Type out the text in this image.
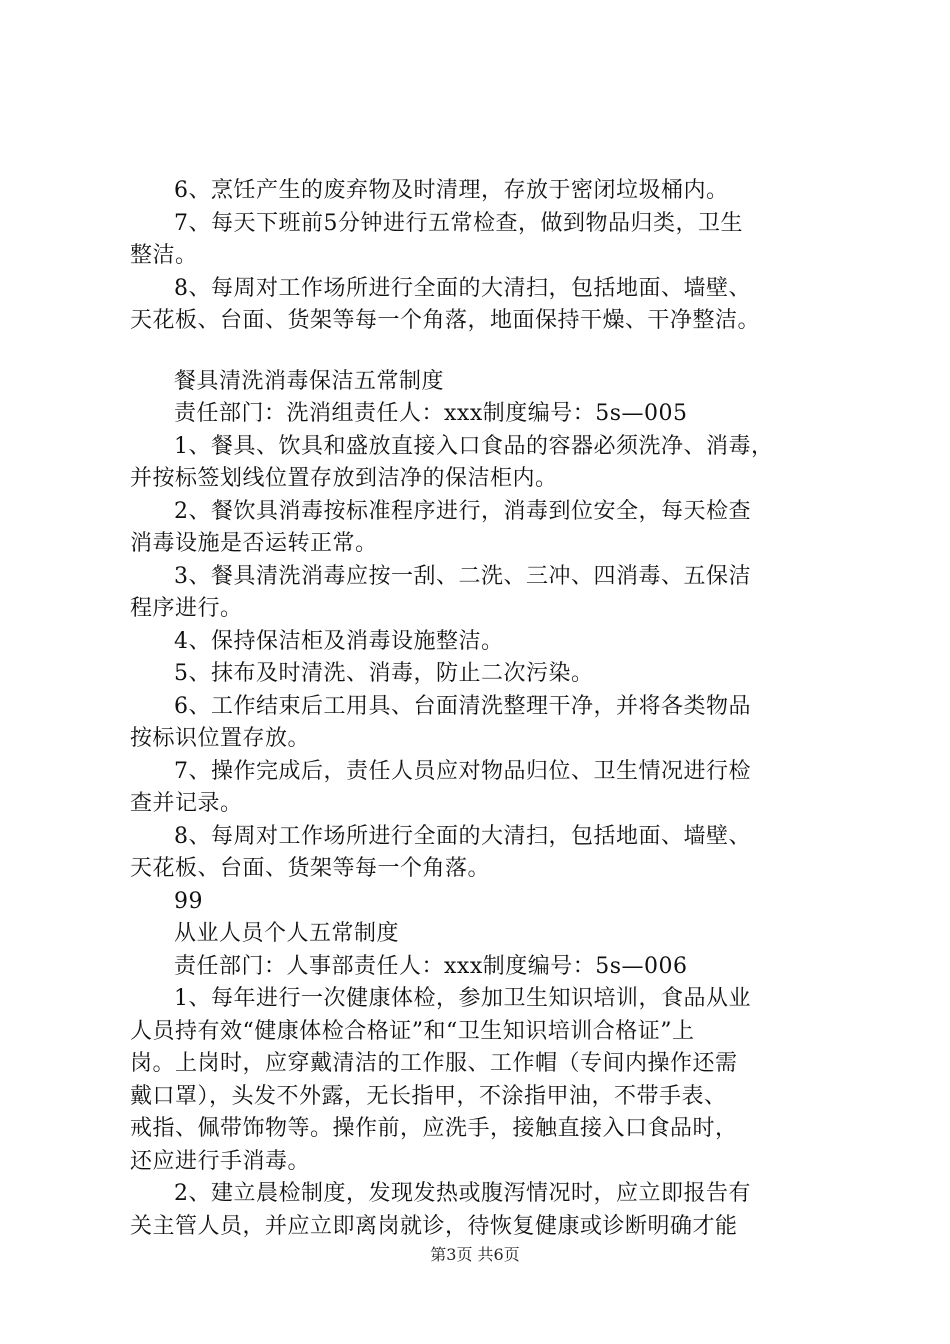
6、烹饪产生的废弃物及时清理，存放于密闭垃圾桶内。
7、每天下班前5分钟进行五常检查，做到物品归类，卫生
整洁。
8、每周对工作场所进行全面的大清扫，包括地面、墙壁、
天花板、台面、货架等每一个角落，地面保持干燥、干净整洁。
餐具清洗消毒保洁五常制度
责任部门：洗消组责任人：xxx制度编号：5s—005
1、餐具、饮具和盛放直接入口食品的容器必须洗净、消毒，
并按标签划线位置存放到洁净的保洁柜内。
2、餐饮具消毒按标准程序进行，消毒到位安全，每天检查
消毒设施是否运转正常。
3、餐具清洗消毒应按一刮、二洗、三冲、四消毒、五保洁
程序进行。
4、保持保洁柜及消毒设施整洁。
5、抹布及时清洗、消毒，防止二次污染。
6、工作结束后工用具、台面清洗整理干净，并将各类物品
按标识位置存放。
7、操作完成后，责任人员应对物品归位、卫生情况进行检
查并记录。
8、每周对工作场所进行全面的大清扫，包括地面、墙壁、
天花板、台面、货架等每一个角落。
99
从业人员个人五常制度
责任部门：人事部责任人：xxx制度编号：5s—006
1、每年进行一次健康体检，参加卫生知识培训，食品从业
人员持有效“健康体检合格证”和“卫生知识培训合格证”上
岗。上岗时，应穿戴清洁的工作服、工作帽（专间内操作还需
戴口罩），头发不外露，无长指甲，不涂指甲油，不带手表、
戒指、佩带饰物等。操作前，应洗手，接触直接入口食品时，
还应进行手消毒。
2、建立晨检制度，发现发热或腹泻情况时，应立即报告有
关主管人员，并应立即离岗就诊，待恢复健康或诊断明确才能
第3页 共6页
